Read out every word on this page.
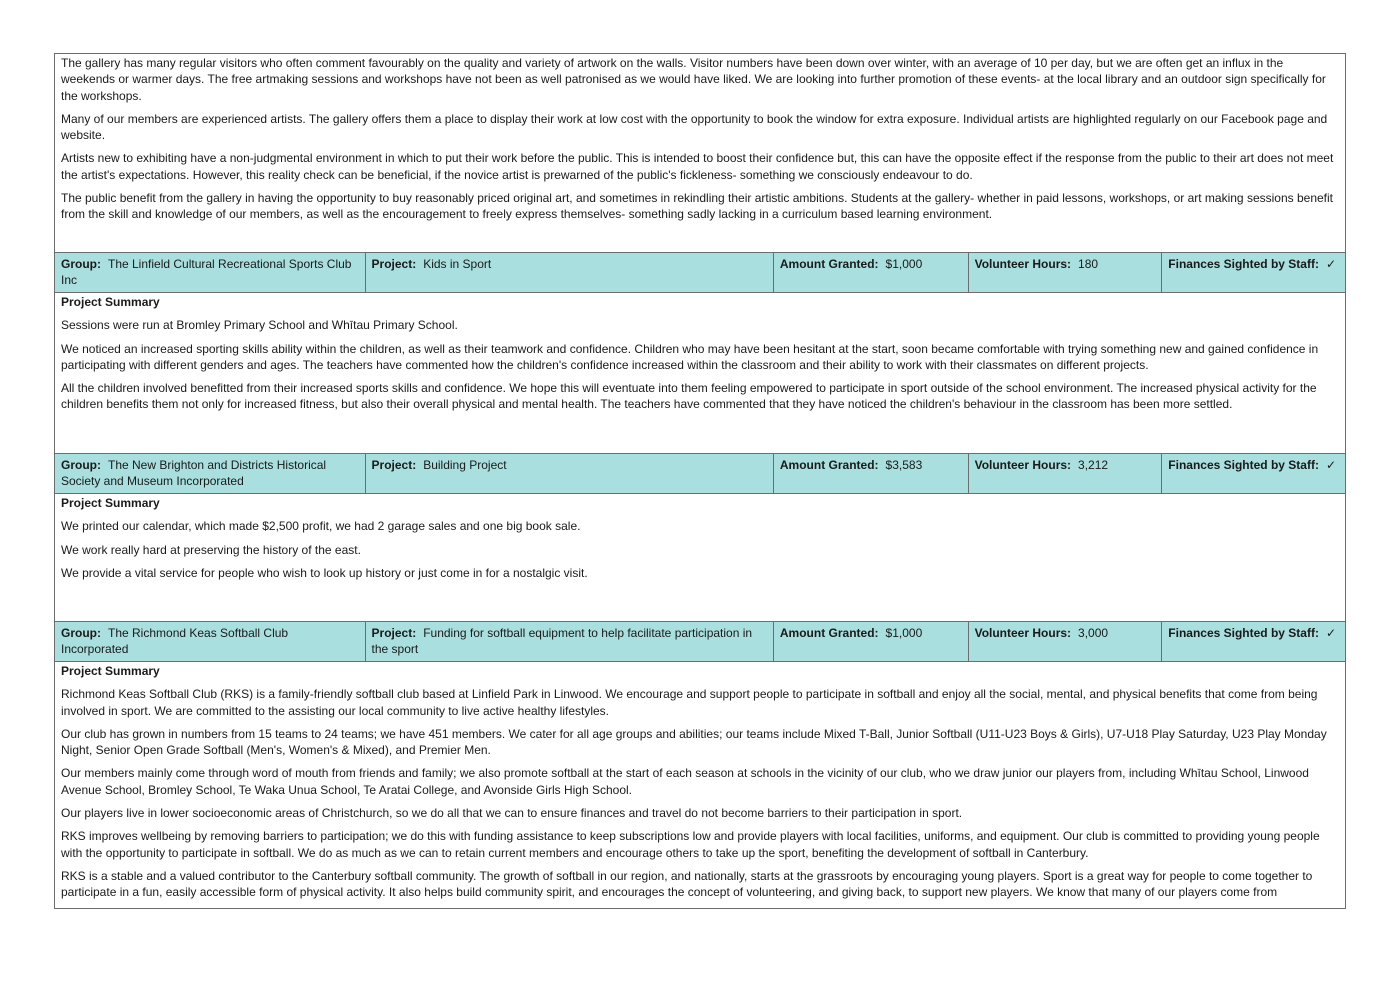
The gallery has many regular visitors who often comment favourably on the quality and variety of artwork on the walls. Visitor numbers have been down over winter, with an average of 10 per day, but we are often get an influx in the weekends or warmer days. The free artmaking sessions and workshops have not been as well patronised as we would have liked. We are looking into further promotion of these events- at the local library and an outdoor sign specifically for the workshops.

Many of our members are experienced artists. The gallery offers them a place to display their work at low cost with the opportunity to book the window for extra exposure. Individual artists are highlighted regularly on our Facebook page and website.

Artists new to exhibiting have a non-judgmental environment in which to put their work before the public. This is intended to boost their confidence but, this can have the opposite effect if the response from the public to their art does not meet the artist's expectations. However, this reality check can be beneficial, if the novice artist is prewarned of the public's fickleness- something we consciously endeavour to do.

The public benefit from the gallery in having the opportunity to buy reasonably priced original art, and sometimes in rekindling their artistic ambitions. Students at the gallery- whether in paid lessons, workshops, or art making sessions benefit from the skill and knowledge of our members, as well as the encouragement to freely express themselves- something sadly lacking in a curriculum based learning environment.

Group: The Linfield Cultural Recreational Sports Club Inc
Project: Kids in Sport	Amount Granted: $1,000	Volunteer Hours: 180	Finances Sighted by Staff: ✓

Project Summary

Sessions were run at Bromley Primary School and Whītau Primary School.

We noticed an increased sporting skills ability within the children, as well as their teamwork and confidence. Children who may have been hesitant at the start, soon became comfortable with trying something new and gained confidence in participating with different genders and ages. The teachers have commented how the children's confidence increased within the classroom and their ability to work with their classmates on different projects.

All the children involved benefitted from their increased sports skills and confidence. We hope this will eventuate into them feeling empowered to participate in sport outside of the school environment. The increased physical activity for the children benefits them not only for increased fitness, but also their overall physical and mental health. The teachers have commented that they have noticed the children's behaviour in the classroom has been more settled.

Group: The New Brighton and Districts Historical Society and Museum Incorporated
Project: Building Project	Amount Granted: $3,583	Volunteer Hours: 3,212	Finances Sighted by Staff: ✓

Project Summary

We printed our calendar, which made $2,500 profit, we had 2 garage sales and one big book sale.

We work really hard at preserving the history of the east.

We provide a vital service for people who wish to look up history or just come in for a nostalgic visit.

Group: The Richmond Keas Softball Club Incorporated
Project: Funding for softball equipment to help facilitate participation in the sport
Amount Granted: $1,000	Volunteer Hours: 3,000	Finances Sighted by Staff: ✓

Project Summary

Richmond Keas Softball Club (RKS) is a family-friendly softball club based at Linfield Park in Linwood. We encourage and support people to participate in softball and enjoy all the social, mental, and physical benefits that come from being involved in sport. We are committed to the assisting our local community to live active healthy lifestyles.

Our club has grown in numbers from 15 teams to 24 teams; we have 451 members. We cater for all age groups and abilities; our teams include Mixed T-Ball, Junior Softball (U11-U23 Boys & Girls), U7-U18 Play Saturday, U23 Play Monday Night, Senior Open Grade Softball (Men's, Women's & Mixed), and Premier Men.

Our members mainly come through word of mouth from friends and family; we also promote softball at the start of each season at schools in the vicinity of our club, who we draw junior our players from, including Whītau School, Linwood Avenue School, Bromley School, Te Waka Unua School, Te Aratai College, and Avonside Girls High School.

Our players live in lower socioeconomic areas of Christchurch, so we do all that we can to ensure finances and travel do not become barriers to their participation in sport.

RKS improves wellbeing by removing barriers to participation; we do this with funding assistance to keep subscriptions low and provide players with local facilities, uniforms, and equipment. Our club is committed to providing young people with the opportunity to participate in softball. We do as much as we can to retain current members and encourage others to take up the sport, benefiting the development of softball in Canterbury.

RKS is a stable and a valued contributor to the Canterbury softball community. The growth of softball in our region, and nationally, starts at the grassroots by encouraging young players. Sport is a great way for people to come together to participate in a fun, easily accessible form of physical activity. It also helps build community spirit, and encourages the concept of volunteering, and giving back, to support new players. We know that many of our players come from
